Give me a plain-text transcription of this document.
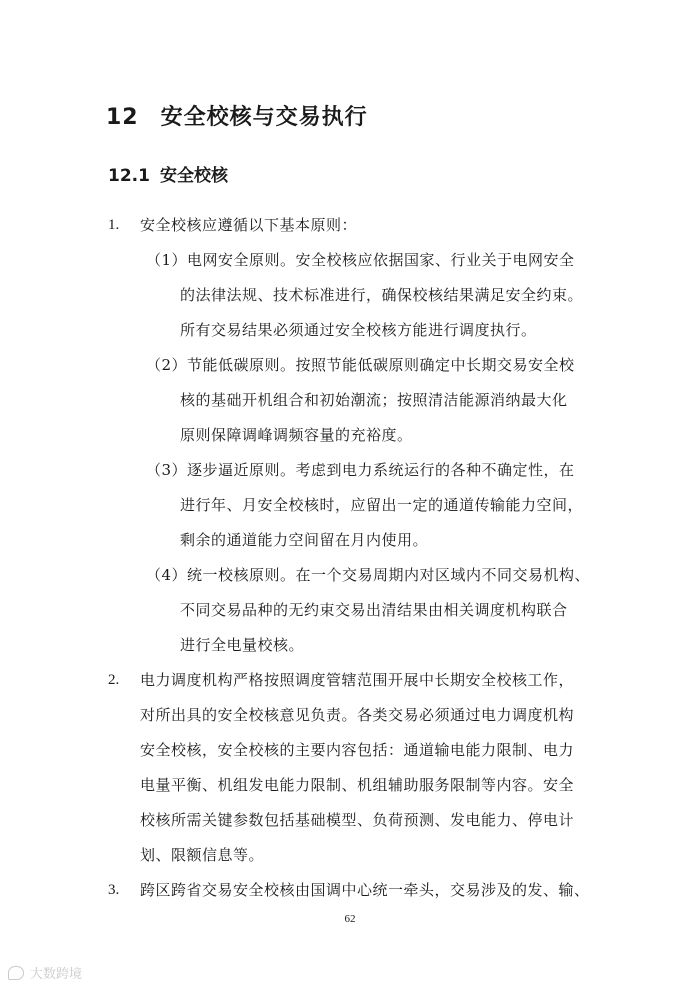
12 安全校核与交易执行
12.1 安全校核
1. 安全校核应遵循以下基本原则：
（1）电网安全原则。安全校核应依据国家、行业关于电网安全
的法律法规、技术标准进行，确保校核结果满足安全约束。
所有交易结果必须通过安全校核方能进行调度执行。
（2）节能低碳原则。按照节能低碳原则确定中长期交易安全校
核的基础开机组合和初始潮流；按照清洁能源消纳最大化
原则保障调峰调频容量的充裕度。
（3）逐步逼近原则。考虑到电力系统运行的各种不确定性，在
进行年、月安全校核时，应留出一定的通道传输能力空间，
剩余的通道能力空间留在月内使用。
（4）统一校核原则。在一个交易周期内对区域内不同交易机构、
不同交易品种的无约束交易出清结果由相关调度机构联合
进行全电量校核。
2. 电力调度机构严格按照调度管辖范围开展中长期安全校核工作，
对所出具的安全校核意见负责。各类交易必须通过电力调度机构
安全校核，安全校核的主要内容包括：通道输电能力限制、电力
电量平衡、机组发电能力限制、机组辅助服务限制等内容。安全
校核所需关键参数包括基础模型、负荷预测、发电能力、停电计
划、限额信息等。
3. 跨区跨省交易安全校核由国调中心统一牵头，交易涉及的发、输、
62
大数跨境
